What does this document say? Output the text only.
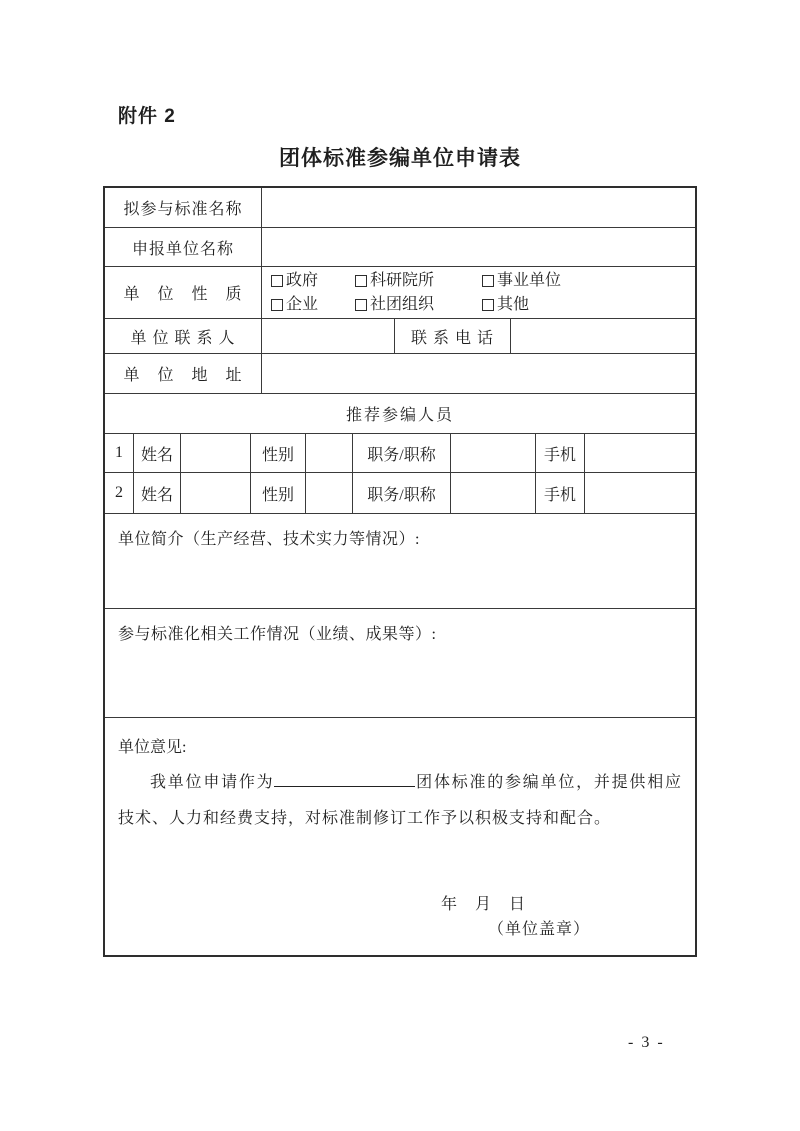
附件 2
团体标准参编单位申请表
拟参与标准名称
申报单位名称
单　位　性　质
政府	科研院所	事业单位
企业	社团组织	其他
单 位 联 系 人	联 系 电 话
单　位　地　址
推荐参编人员
1	姓名	性别	职务/职称	手机
2	姓名	性别	职务/职称	手机
单位简介（生产经营、技术实力等情况）:
参与标准化相关工作情况（业绩、成果等）:
单位意见:
我单位申请作为	团体标准的参编单位，并提供相应技术、人力和经费支持，对标准制修订工作予以积极支持和配合。
年　月　日
（单位盖章）
- 3 -
